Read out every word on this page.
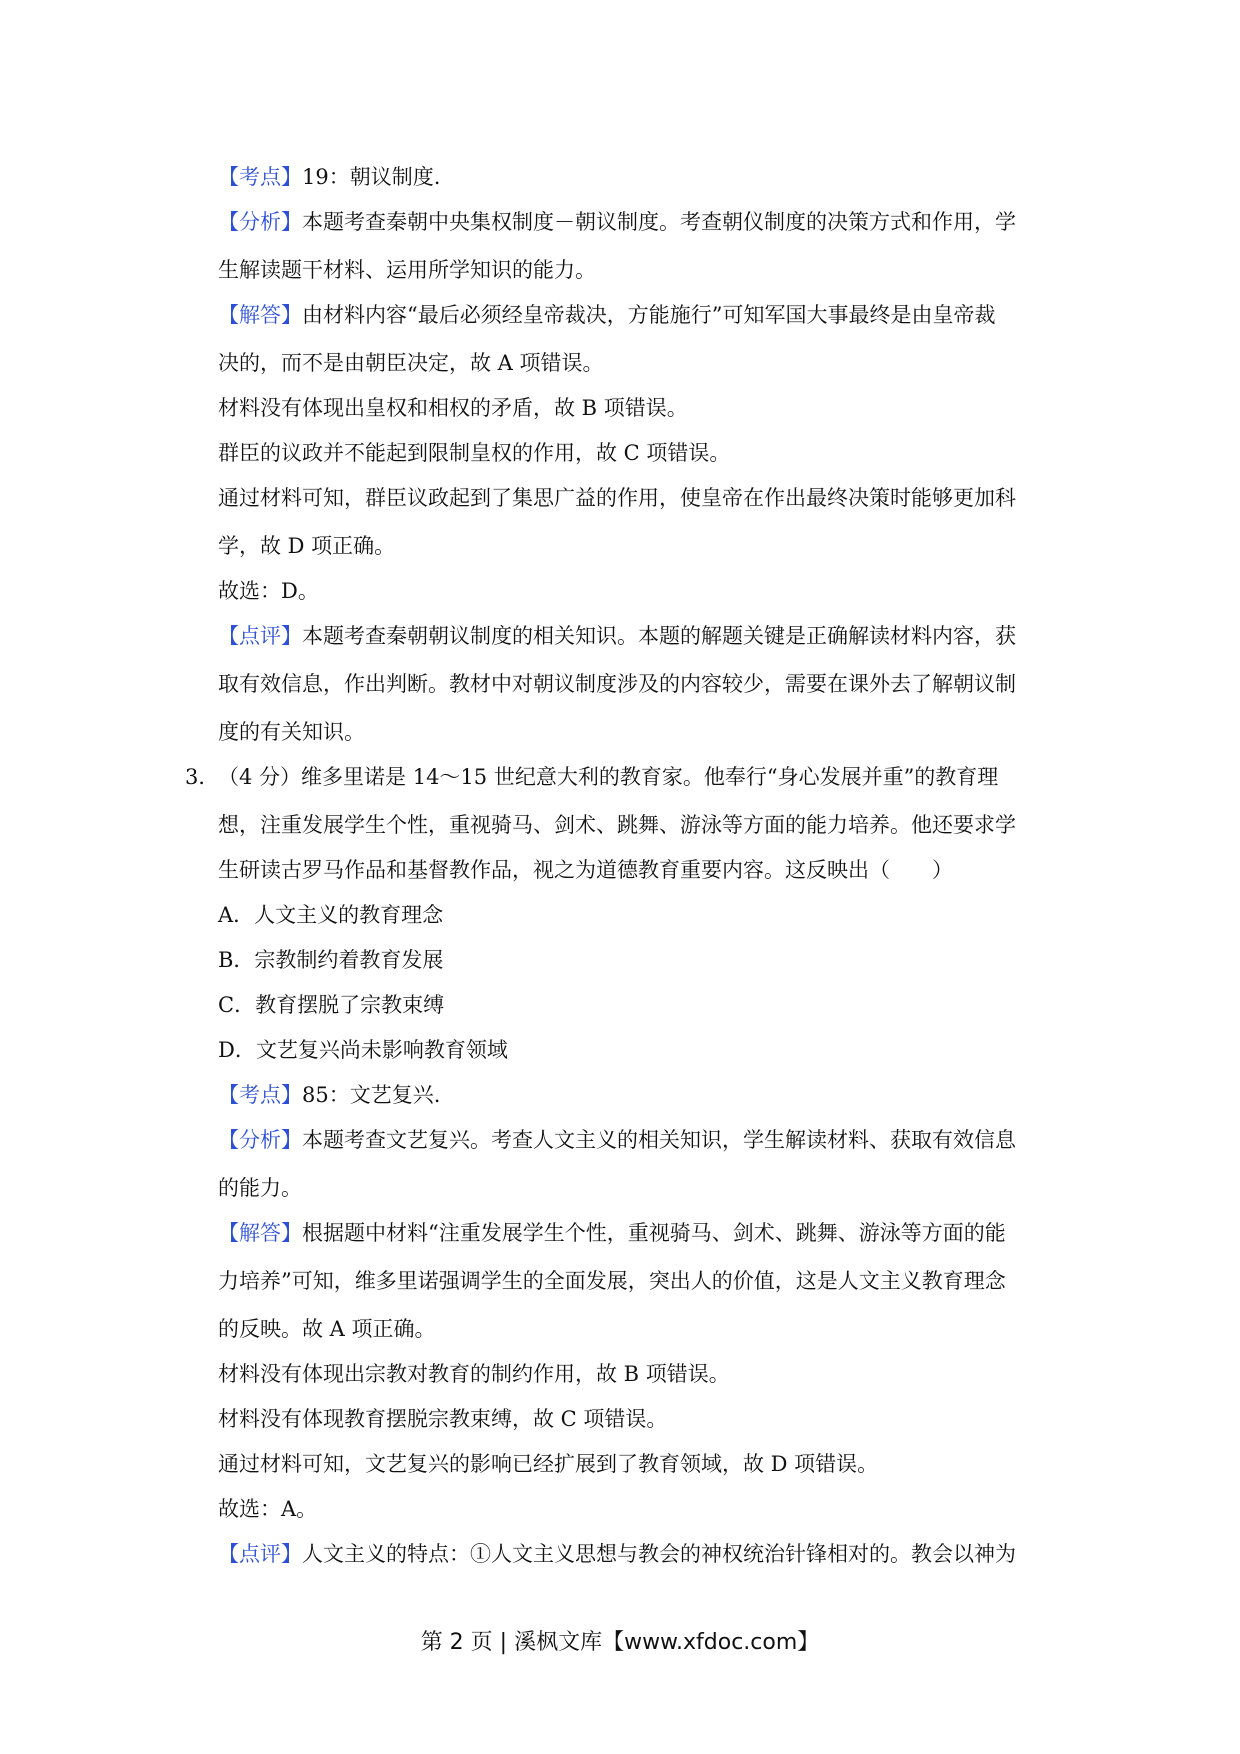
【考点】19：朝议制度.
【分析】本题考查秦朝中央集权制度－朝议制度。考查朝仪制度的决策方式和作用，学
生解读题干材料、运用所学知识的能力。
【解答】由材料内容“最后必须经皇帝裁决，方能施行”可知军国大事最终是由皇帝裁
决的，而不是由朝臣决定，故 A 项错误。
材料没有体现出皇权和相权的矛盾，故 B 项错误。
群臣的议政并不能起到限制皇权的作用，故 C 项错误。
通过材料可知，群臣议政起到了集思广益的作用，使皇帝在作出最终决策时能够更加科
学，故 D 项正确。
故选：D。
【点评】本题考查秦朝朝议制度的相关知识。本题的解题关键是正确解读材料内容，获
取有效信息，作出判断。教材中对朝议制度涉及的内容较少，需要在课外去了解朝议制
度的有关知识。
3．
（4 分）维多里诺是 14～15 世纪意大利的教育家。他奉行“身心发展并重”的教育理
想，注重发展学生个性，重视骑马、剑术、跳舞、游泳等方面的能力培养。他还要求学
生研读古罗马作品和基督教作品，视之为道德教育重要内容。这反映出（　　）
A．人文主义的教育理念
B．宗教制约着教育发展
C．教育摆脱了宗教束缚
D．文艺复兴尚未影响教育领域
【考点】85：文艺复兴.
【分析】本题考查文艺复兴。考查人文主义的相关知识，学生解读材料、获取有效信息
的能力。
【解答】根据题中材料“注重发展学生个性，重视骑马、剑术、跳舞、游泳等方面的能
力培养”可知，维多里诺强调学生的全面发展，突出人的价值，这是人文主义教育理念
的反映。故 A 项正确。
材料没有体现出宗教对教育的制约作用，故 B 项错误。
材料没有体现教育摆脱宗教束缚，故 C 项错误。
通过材料可知，文艺复兴的影响已经扩展到了教育领域，故 D 项错误。
故选：A。
【点评】人文主义的特点：①人文主义思想与教会的神权统治针锋相对的。教会以神为
第 2 页 | 溪枫文库【www.xfdoc.com】
